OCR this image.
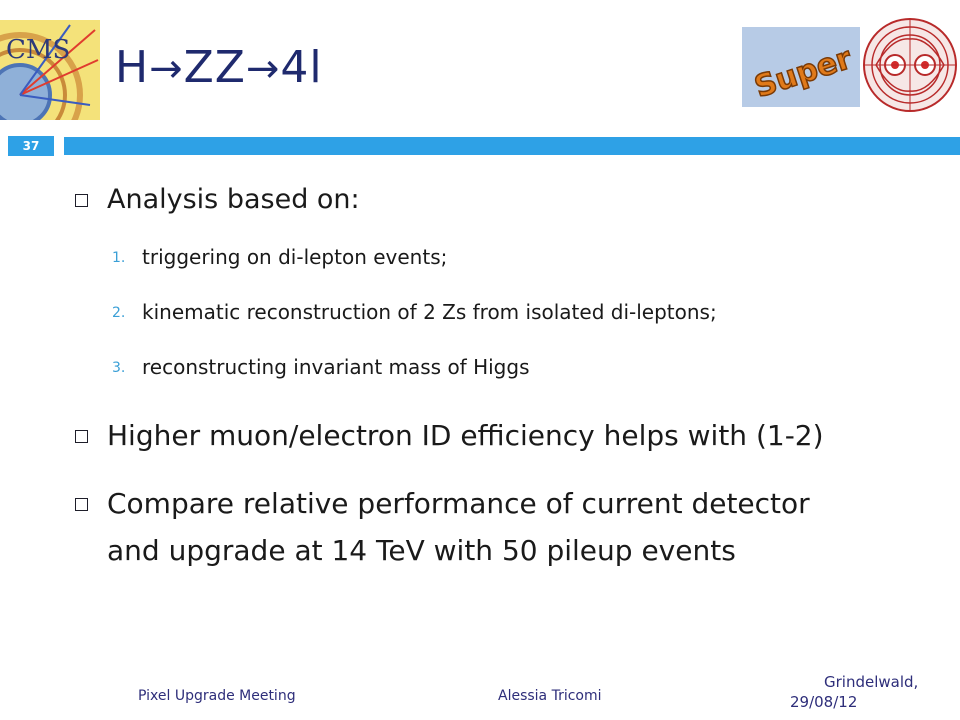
CMS H→ZZ→4l	Super
37
Analysis based on:
1. triggering on di-lepton events;
2. kinematic reconstruction of 2 Zs from isolated di-leptons;
3. reconstructing invariant mass of Higgs
Higher muon/electron ID efficiency helps with (1-2)
Compare relative performance of current detector
and upgrade at 14 TeV with 50 pileup events
Pixel Upgrade Meeting	Alessia Tricomi
Grindelwald,
29/08/12
